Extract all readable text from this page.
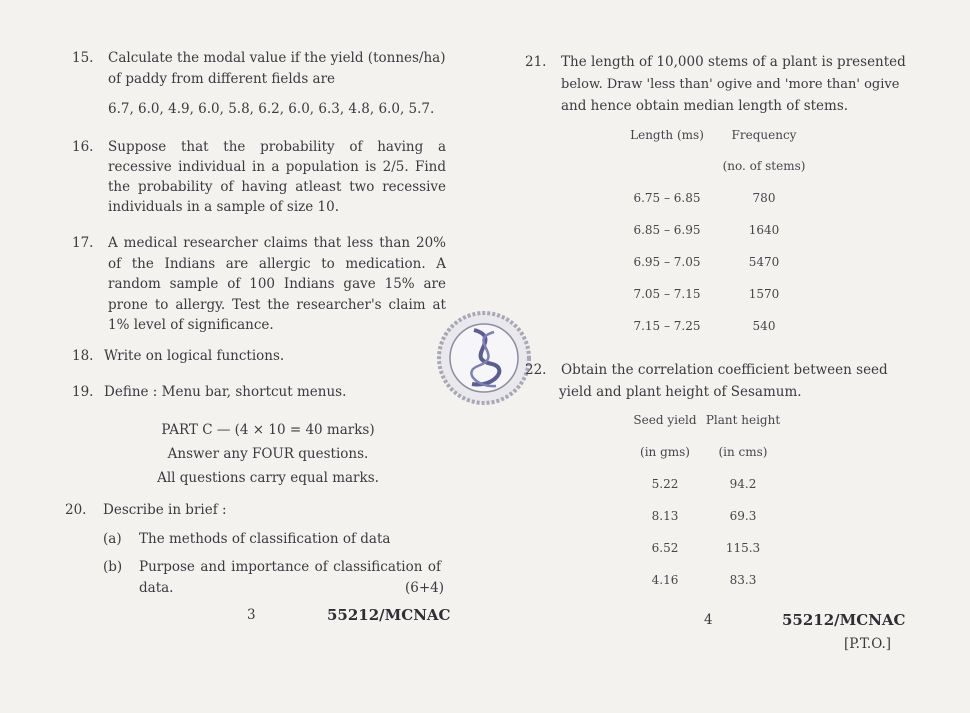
15. Calculate the modal value if the yield (tonnes/ha)
of paddy from different fields are
6.7, 6.0, 4.9, 6.0, 5.8, 6.2, 6.0, 6.3, 4.8, 6.0, 5.7.
16. Suppose that the probability of having a recessive individual in a population is 2/5. Find the probability of having atleast two recessive individuals in a sample of size 10.
17. A medical researcher claims that less than 20% of the Indians are allergic to medication. A random sample of 100 Indians gave 15% are prone to allergy. Test the researcher's claim at 1% level of significance.
18. Write on logical functions.
19. Define : Menu bar, shortcut menus.
PART C — (4 × 10 = 40 marks)
Answer any FOUR questions.
All questions carry equal marks.
20. Describe in brief :
(a) The methods of classification of data
(b) Purpose and importance of classification of
data.	(6+4)
3	55212/MCNAC
21. The length of 10,000 stems of a plant is presented
below. Draw 'less than' ogive and 'more than' ogive
and hence obtain median length of stems.
Length (ms)	Frequency
	(no. of stems)
6.75 – 6.85	780
6.85 – 6.95	1640
6.95 – 7.05	5470
7.05 – 7.15	1570
7.15 – 7.25	540
22. Obtain the correlation coefficient between seed
yield and plant height of Sesamum.
Seed yield	Plant height
(in gms)	(in cms)
5.22	94.2
8.13	69.3
6.52	115.3
4.16	83.3
4	55212/MCNAC
[P.T.O.]
